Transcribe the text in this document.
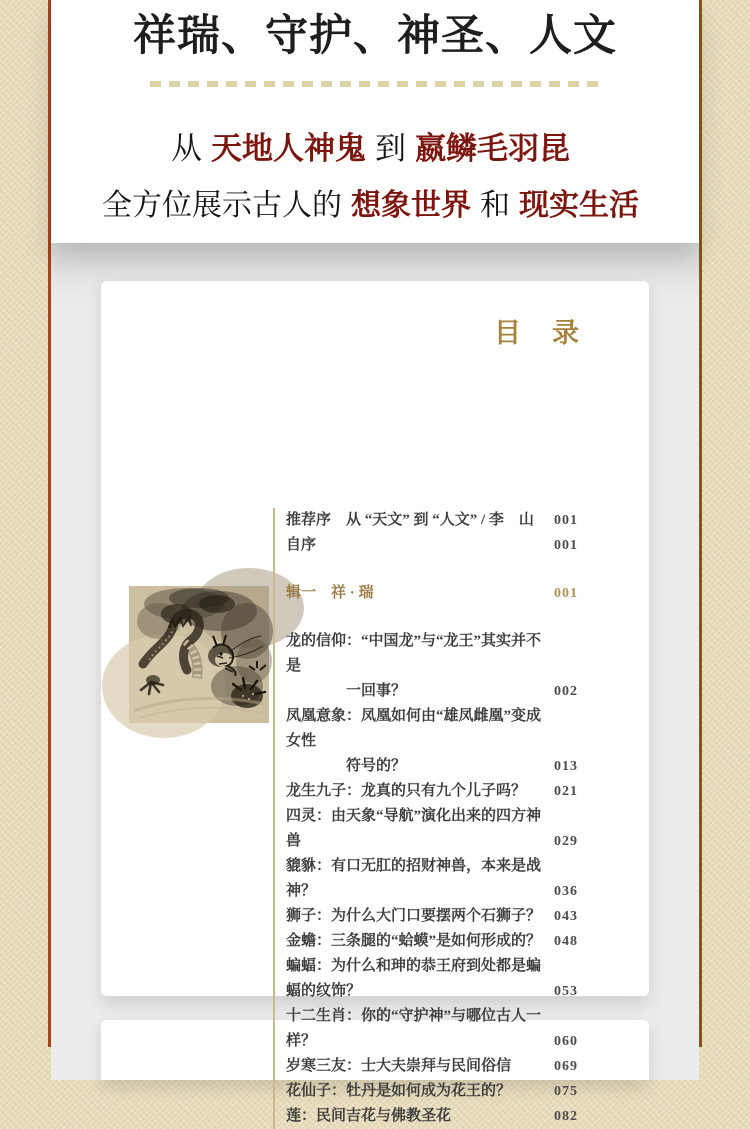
祥瑞、守护、神圣、人文

从 天地人神鬼 到 嬴鳞毛羽昆

全方位展示古人的 想象世界 和 现实生活

目　录
推荐序　从 “天文” 到 “人文” / 李　山 001
自序	001
辑一　祥 · 瑞	001
龙的信仰：“中国龙”与“龙王”其实并不是
一回事？	002
凤凰意象：凤凰如何由“雄凤雌凰”变成女性
符号的？	013
龙生九子：龙真的只有九个儿子吗？ 021
四灵：由天象“导航”演化出来的四方神兽	029
貔貅：有口无肛的招财神兽，本来是战神？	036
狮子：为什么大门口要摆两个石狮子？ 043
金蟾：三条腿的“蛤蟆”是如何形成的？ 048
蝙蝠：为什么和珅的恭王府到处都是蝙蝠的纹饰？	053
十二生肖：你的“守护神”与哪位古人一样？	060
岁寒三友：士大夫崇拜与民间俗信	069
花仙子：牡丹是如何成为花王的？	075
莲：民间吉花与佛教圣花	082
